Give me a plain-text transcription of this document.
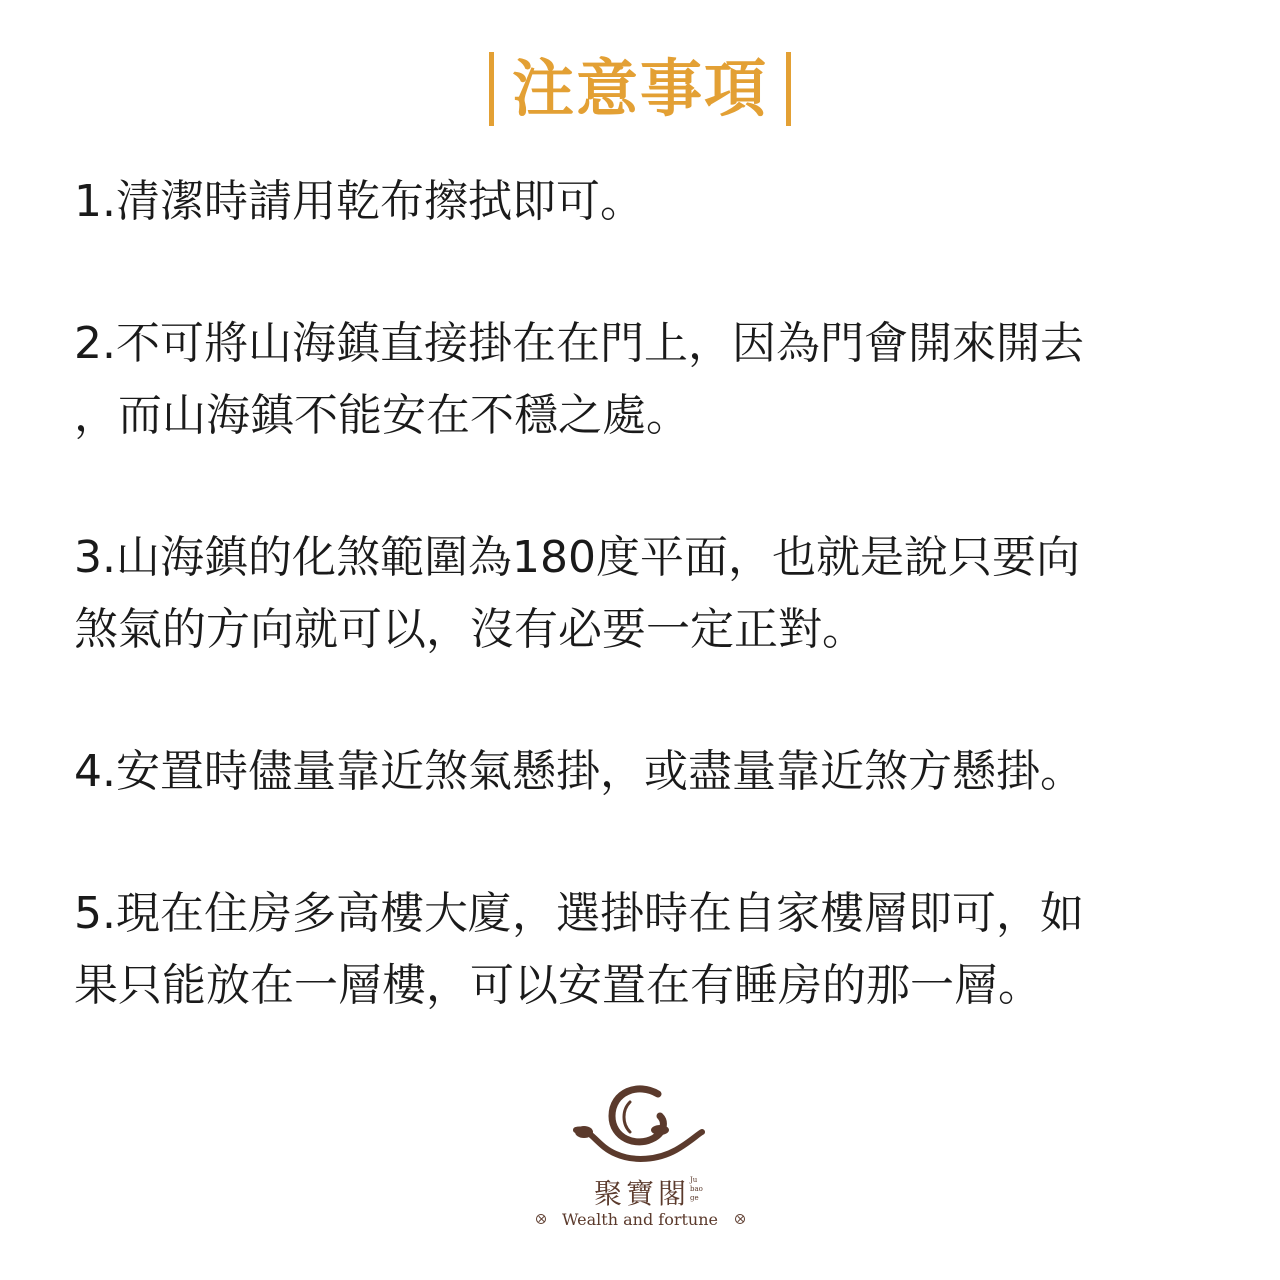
注意事項

1.清潔時請用乾布擦拭即可。

2.不可將山海鎮直接掛在在門上，因為門會開來開去
，而山海鎮不能安在不穩之處。

3.山海鎮的化煞範圍為180度平面，也就是說只要向
煞氣的方向就可以，沒有必要一定正對。

4.安置時儘量靠近煞氣懸掛，或盡量靠近煞方懸掛。

5.現在住房多高樓大廈，選掛時在自家樓層即可，如
果只能放在一層樓，可以安置在有睡房的那一層。

聚寶閣 Ju bao ge
Wealth and fortune
